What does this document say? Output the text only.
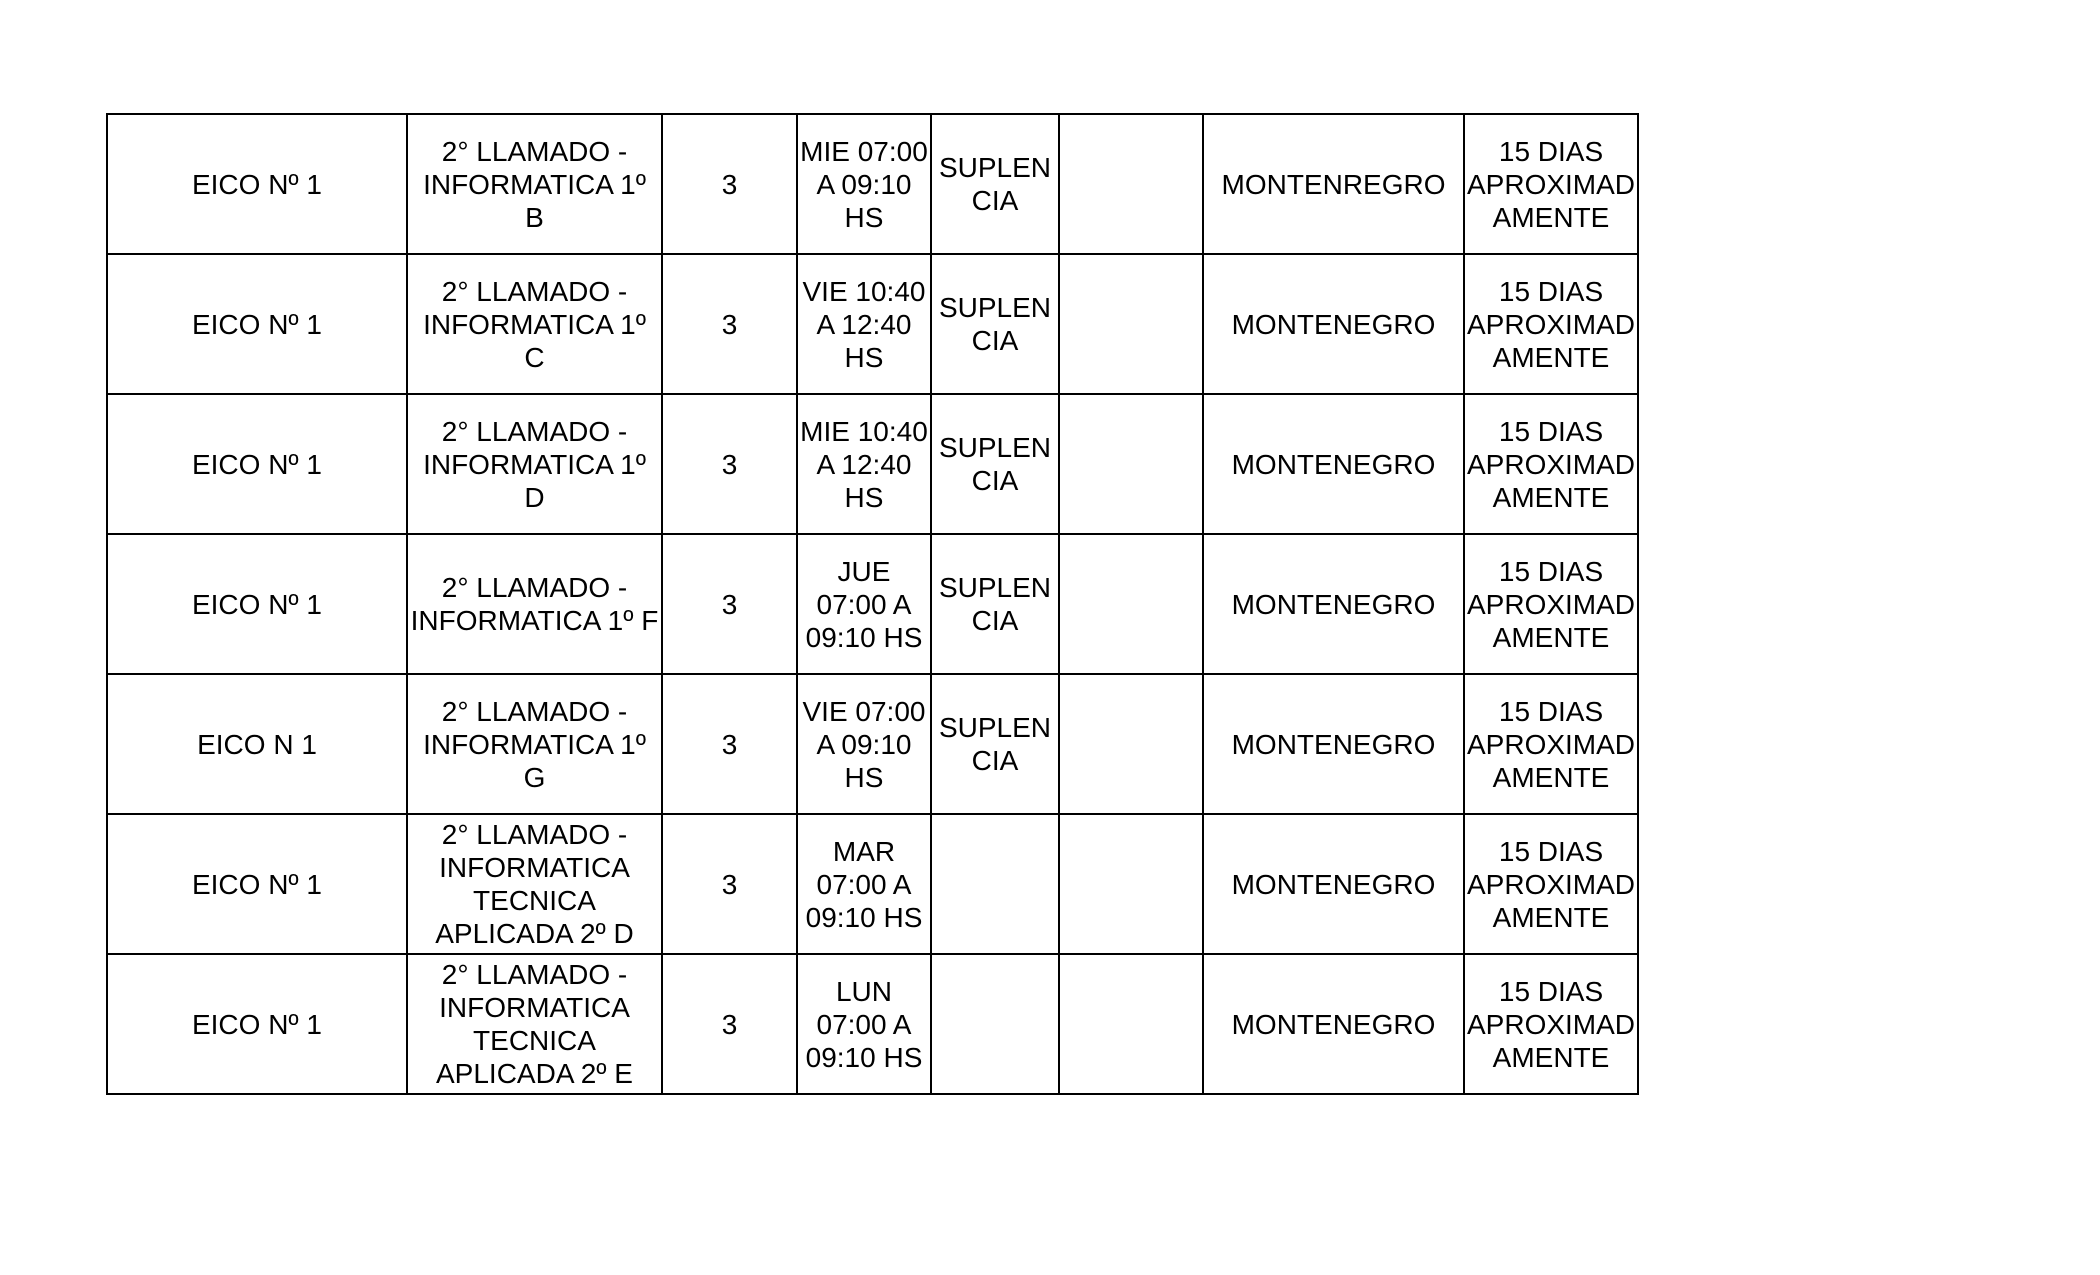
EICO Nº 1	2° LLAMADO - INFORMATICA 1º B	3	MIE 07:00 A 09:10 HS	SUPLEN CIA		MONTENREGRO	15 DIAS APROXIMAD AMENTE
EICO Nº 1	2° LLAMADO - INFORMATICA 1º C	3	VIE 10:40 A 12:40 HS	SUPLEN CIA		MONTENEGRO	15 DIAS APROXIMAD AMENTE
EICO Nº 1	2° LLAMADO - INFORMATICA 1º D	3	MIE 10:40 A 12:40 HS	SUPLEN CIA		MONTENEGRO	15 DIAS APROXIMAD AMENTE
EICO Nº 1	2° LLAMADO - INFORMATICA 1º F	3	JUE 07:00 A 09:10 HS	SUPLEN CIA		MONTENEGRO	15 DIAS APROXIMAD AMENTE
EICO N 1	2° LLAMADO - INFORMATICA 1º G	3	VIE 07:00 A 09:10 HS	SUPLEN CIA		MONTENEGRO	15 DIAS APROXIMAD AMENTE
EICO Nº 1	2° LLAMADO - INFORMATICA TECNICA APLICADA 2º D	3	MAR 07:00 A 09:10 HS			MONTENEGRO	15 DIAS APROXIMAD AMENTE
EICO Nº 1	2° LLAMADO - INFORMATICA TECNICA APLICADA 2º E	3	LUN 07:00 A 09:10 HS			MONTENEGRO	15 DIAS APROXIMAD AMENTE
